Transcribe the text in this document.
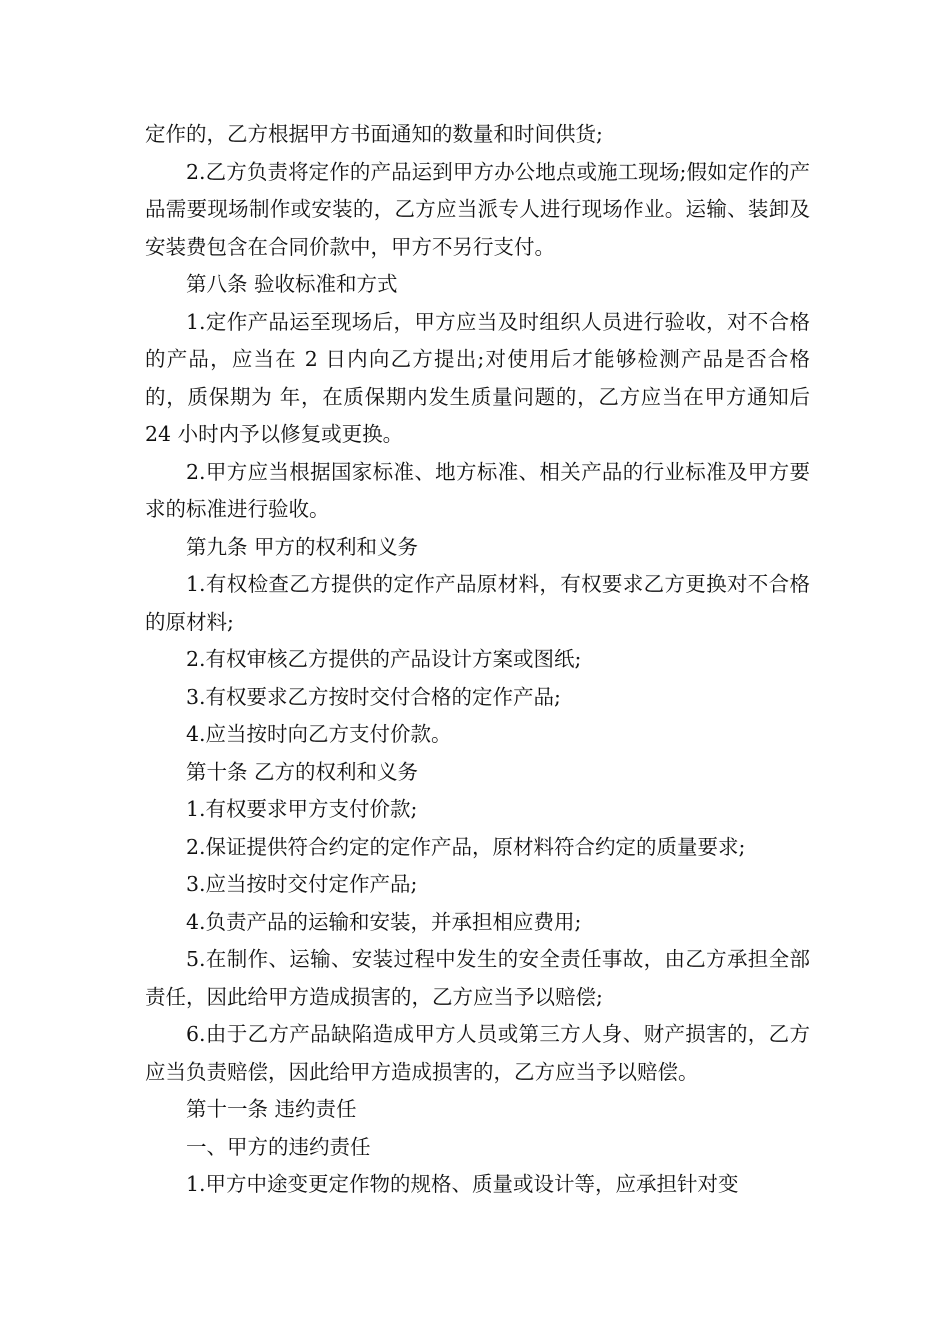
定作的，乙方根据甲方书面通知的数量和时间供货;

2.乙方负责将定作的产品运到甲方办公地点或施工现场;假如定作的产品需要现场制作或安装的，乙方应当派专人进行现场作业。运输、装卸及安装费包含在合同价款中，甲方不另行支付。

第八条 验收标准和方式

1.定作产品运至现场后，甲方应当及时组织人员进行验收，对不合格的产品，应当在 2 日内向乙方提出;对使用后才能够检测产品是否合格的，质保期为 年，在质保期内发生质量问题的，乙方应当在甲方通知后 24 小时内予以修复或更换。

2.甲方应当根据国家标准、地方标准、相关产品的行业标准及甲方要求的标准进行验收。

第九条 甲方的权利和义务

1.有权检查乙方提供的定作产品原材料，有权要求乙方更换对不合格的原材料;

2.有权审核乙方提供的产品设计方案或图纸;

3.有权要求乙方按时交付合格的定作产品;

4.应当按时向乙方支付价款。

第十条 乙方的权利和义务

1.有权要求甲方支付价款;

2.保证提供符合约定的定作产品，原材料符合约定的质量要求;

3.应当按时交付定作产品;

4.负责产品的运输和安装，并承担相应费用;

5.在制作、运输、安装过程中发生的安全责任事故，由乙方承担全部责任，因此给甲方造成损害的，乙方应当予以赔偿;

6.由于乙方产品缺陷造成甲方人员或第三方人身、财产损害的，乙方应当负责赔偿，因此给甲方造成损害的，乙方应当予以赔偿。

第十一条 违约责任

一、甲方的违约责任

1.甲方中途变更定作物的规格、质量或设计等，应承担针对变
